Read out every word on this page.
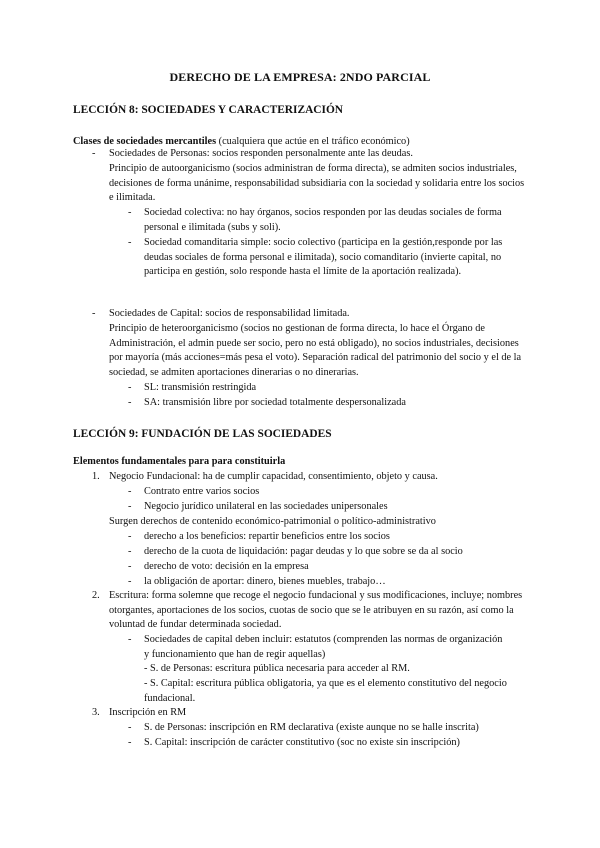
DERECHO DE LA EMPRESA: 2NDO PARCIAL
LECCIÓN 8: SOCIEDADES Y CARACTERIZACIÓN
Clases de sociedades mercantiles (cualquiera que actúe en el tráfico económico)
- Sociedades de Personas: socios responden personalmente ante las deudas.
Principio de autoorganicismo (socios administran de forma directa), se admiten socios industriales, decisiones de forma unánime, responsabilidad subsidiaria con la sociedad y solidaria entre los socios e ilimitada.
- Sociedad colectiva: no hay órganos, socios responden por las deudas sociales de forma personal e ilimitada (subs y soli).
- Sociedad comanditaria simple: socio colectivo (participa en la gestión,responde por las deudas sociales de forma personal e ilimitada), socio comanditario (invierte capital, no participa en gestión, solo responde hasta el límite de la aportación realizada).
- Sociedades de Capital: socios de responsabilidad limitada.
Principio de heteroorganicismo (socios no gestionan de forma directa, lo hace el Órgano de Administración, el admin puede ser socio, pero no está obligado), no socios industriales, decisiones por mayoría (más acciones=más pesa el voto). Separación radical del patrimonio del socio y el de la sociedad, se admiten aportaciones dinerarias o no dinerarias.
- SL: transmisión restringida
- SA: transmisión libre por sociedad totalmente despersonalizada
LECCIÓN 9: FUNDACIÓN DE LAS SOCIEDADES
Elementos fundamentales para para constituirla
1. Negocio Fundacional: ha de cumplir capacidad, consentimiento, objeto y causa.
- Contrato entre varios socios
- Negocio jurídico unilateral en las sociedades unipersonales
Surgen derechos de contenido económico-patrimonial o político-administrativo
- derecho a los beneficios: repartir beneficios entre los socios
- derecho de la cuota de liquidación: pagar deudas y lo que sobre se da al socio
- derecho de voto: decisión en la empresa
- la obligación de aportar: dinero, bienes muebles, trabajo…
2. Escritura: forma solemne que recoge el negocio fundacional y sus modificaciones, incluye; nombres otorgantes, aportaciones de los socios, cuotas de socio que se le atribuyen en su razón, así como la voluntad de fundar determinada sociedad.
- Sociedades de capital deben incluir: estatutos (comprenden las normas de organización y funcionamiento que han de regir aquellas)
- S. de Personas: escritura pública necesaria para acceder al RM.
- S. Capital: escritura pública obligatoria, ya que es el elemento constitutivo del negocio fundacional.
3. Inscripción en RM
- S. de Personas: inscripción en RM declarativa (existe aunque no se halle inscrita)
- S. Capital: inscripción de carácter constitutivo (soc no existe sin inscripción)
